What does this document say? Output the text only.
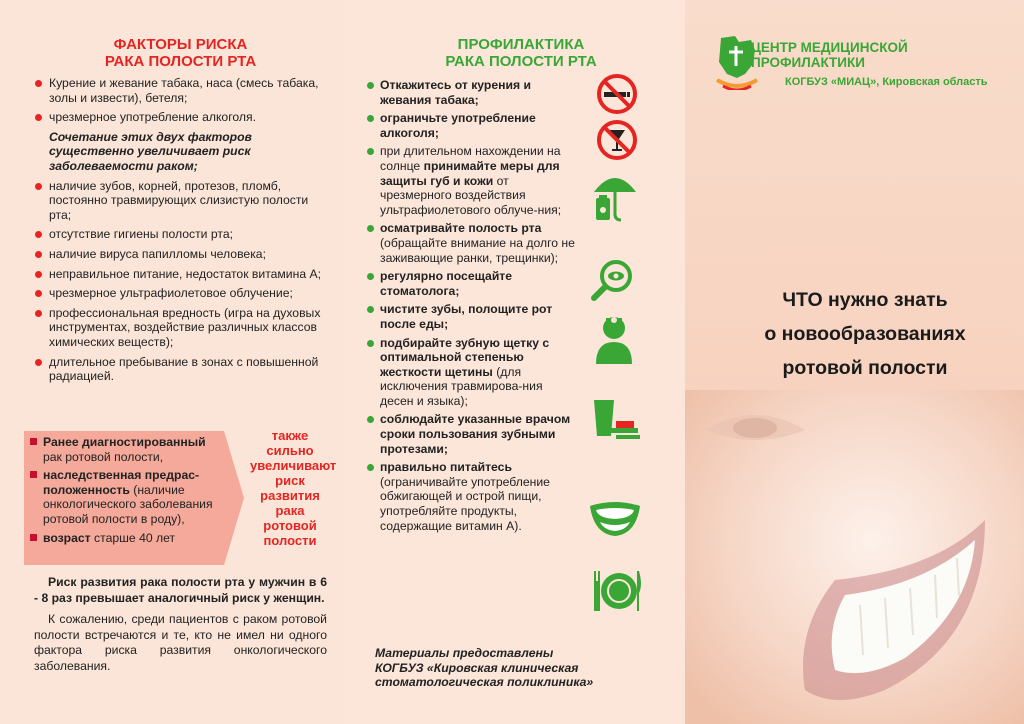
ФАКТОРЫ РИСКА
РАКА ПОЛОСТИ РТА
Курение и жевание табака, наса (смесь табака, золы и извести), бетеля;
чрезмерное употребление алкоголя.

Сочетание этих двух факторов существенно увеличивает риск заболеваемости раком;

наличие зубов, корней, протезов, пломб, постоянно травмирующих слизистую полости рта;
отсутствие гигиены полости рта;
наличие вируса папилломы человека;
неправильное питание, недостаток витамина А;
чрезмерное ультрафиолетовое облучение;
профессиональная вредность (игра на духовых инструментах, воздействие различных классов химических веществ);
длительное пребывание в зонах с повышенной радиацией.
Ранее диагностированный
рак ротовой полости,
наследственная предрас-положенность (наличие онкологического заболевания ротовой полости в роду),
возраст старше 40 лет
также сильно увеличивают риск развития рака ротовой полости

Риск развития рака полости рта у мужчин в 6 - 8 раз превышает аналогичный риск у женщин.

К сожалению, среди пациентов с раком ротовой полости встречаются и те, кто не имел ни одного фактора риска развития онкологического заболевания.

ПРОФИЛАКТИКА
РАКА ПОЛОСТИ РТА
Откажитесь от курения и жевания табака;
ограничьте употребление алкоголя;
при длительном нахождении на солнце принимайте меры для защиты губ и кожи от чрезмерного воздействия ультрафиолетового облуче-ния;
осматривайте полость рта (обращайте внимание на долго не заживающие ранки, трещинки);
регулярно посещайте стоматолога;
чистите зубы, полощите рот после еды;
подбирайте зубную щетку с оптимальной степенью жесткости щетины (для исключения травмирова-ния десен и языка);
соблюдайте указанные врачом сроки пользования зубными протезами;
правильно питайтесь (ограничивайте употребление обжигающей и острой пищи, употребляйте продукты, содержащие витамин А).
Материалы предоставлены
КОГБУЗ «Кировская клиническая стоматологическая поликлиника»
ЦЕНТР МЕДИЦИНСКОЙ
ПРОФИЛАКТИКИ
КОГБУЗ «МИАЦ», Кировская область
ЧТО нужно знать
о новообразованиях
ротовой полости
